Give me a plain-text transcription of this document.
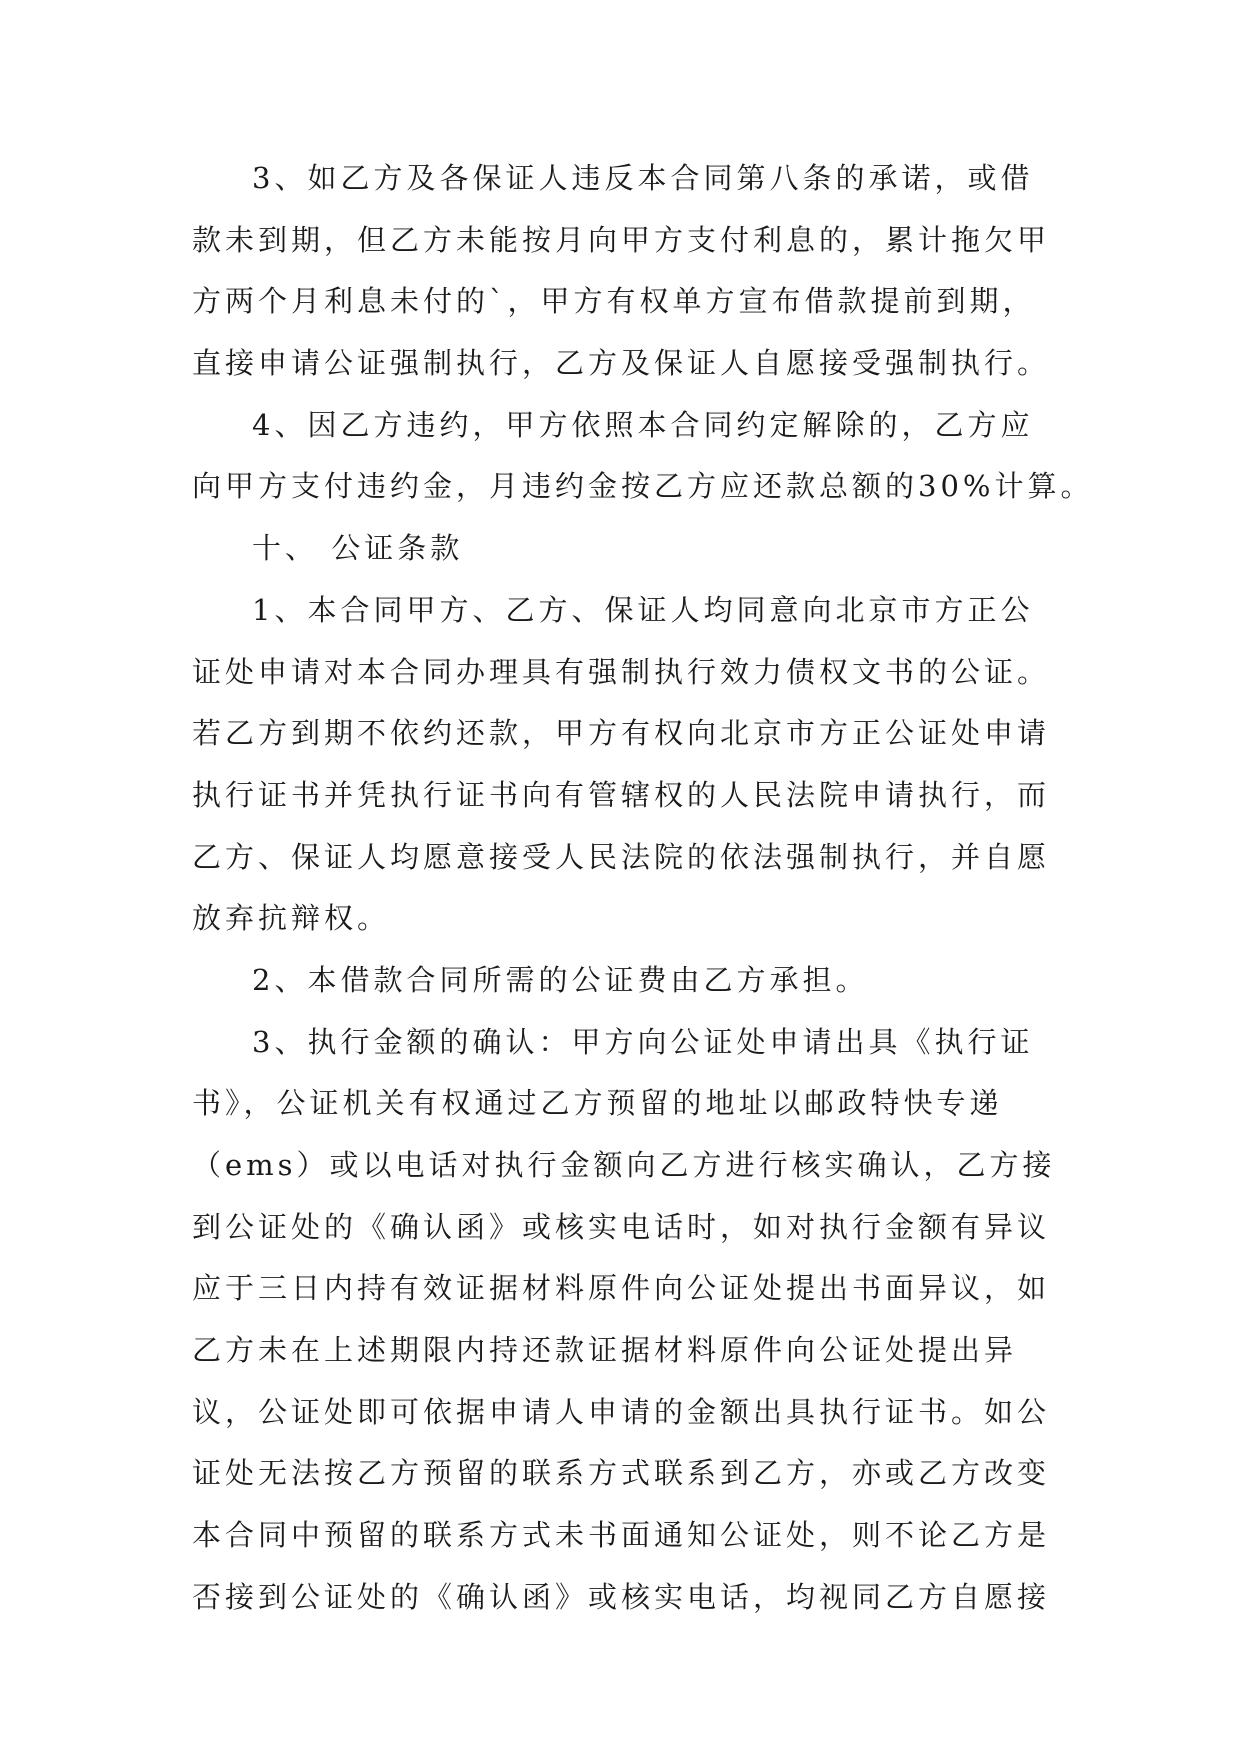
3、如乙方及各保证人违反本合同第八条的承诺，或借
款未到期，但乙方未能按月向甲方支付利息的，累计拖欠甲
方两个月利息未付的`，甲方有权单方宣布借款提前到期，
直接申请公证强制执行，乙方及保证人自愿接受强制执行。
4、因乙方违约，甲方依照本合同约定解除的，乙方应
向甲方支付违约金，月违约金按乙方应还款总额的30%计算。
十、 公证条款
1、本合同甲方、乙方、保证人均同意向北京市方正公
证处申请对本合同办理具有强制执行效力债权文书的公证。
若乙方到期不依约还款，甲方有权向北京市方正公证处申请
执行证书并凭执行证书向有管辖权的人民法院申请执行，而
乙方、保证人均愿意接受人民法院的依法强制执行，并自愿
放弃抗辩权。
2、本借款合同所需的公证费由乙方承担。
3、执行金额的确认：甲方向公证处申请出具《执行证
书》，公证机关有权通过乙方预留的地址以邮政特快专递
（ems）或以电话对执行金额向乙方进行核实确认，乙方接
到公证处的《确认函》或核实电话时，如对执行金额有异议
应于三日内持有效证据材料原件向公证处提出书面异议，如
乙方未在上述期限内持还款证据材料原件向公证处提出异
议，公证处即可依据申请人申请的金额出具执行证书。如公
证处无法按乙方预留的联系方式联系到乙方，亦或乙方改变
本合同中预留的联系方式未书面通知公证处，则不论乙方是
否接到公证处的《确认函》或核实电话，均视同乙方自愿接
